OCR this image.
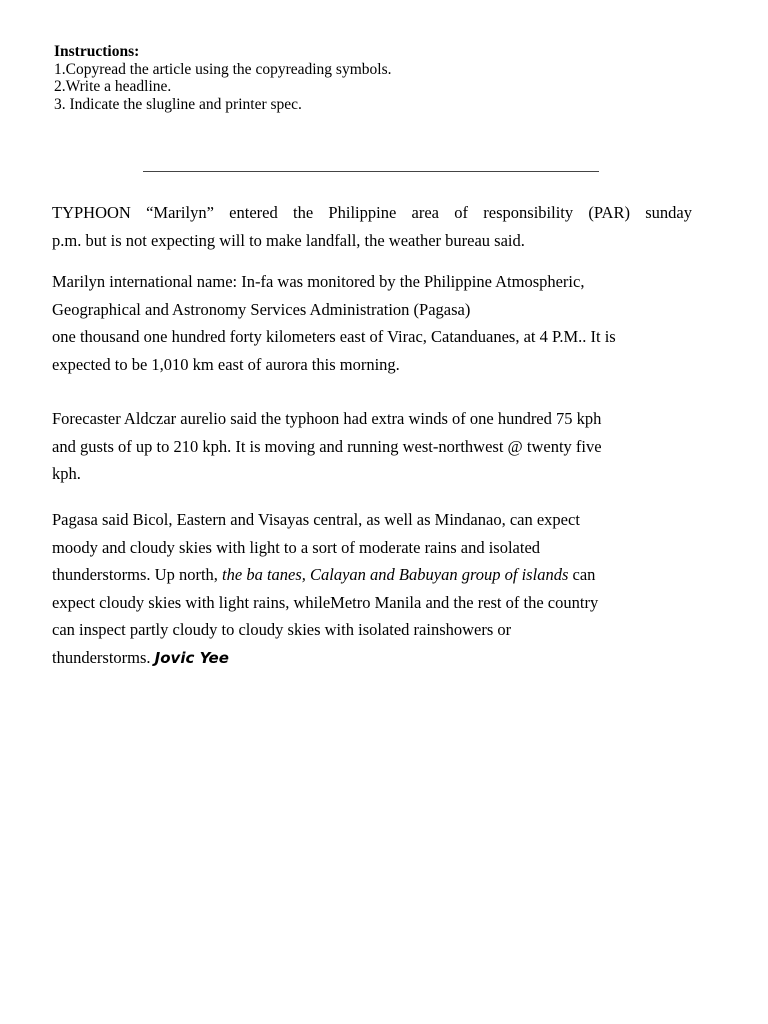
Instructions:
1.Copyread the article using the copyreading symbols.
2.Write a headline.
3. Indicate the slugline and printer spec.

TYPHOON “Marilyn” entered the Philippine area of responsibility (PAR) sunday
p.m. but is not expecting will to make landfall, the weather bureau said.

Marilyn international name: In-fa was monitored by the Philippine Atmospheric,
Geographical and Astronomy Services Administration (Pagasa)
one thousand one hundred forty kilometers east of Virac, Catanduanes, at 4 P.M.. It is
expected to be 1,010 km east of aurora this morning.

Forecaster Aldczar aurelio said the typhoon had extra winds of one hundred 75 kph
and gusts of up to 210 kph. It is moving and running west-northwest @ twenty five
kph.

Pagasa said Bicol, Eastern and Visayas central, as well as Mindanao, can expect
moody and cloudy skies with light to a sort of moderate rains and isolated
thunderstorms. Up north, the ba tanes, Calayan and Babuyan group of islands can
expect cloudy skies with light rains, whileMetro Manila and the rest of the country
can inspect partly cloudy to cloudy skies with isolated rainshowers or
thunderstorms. Jovic Yee
